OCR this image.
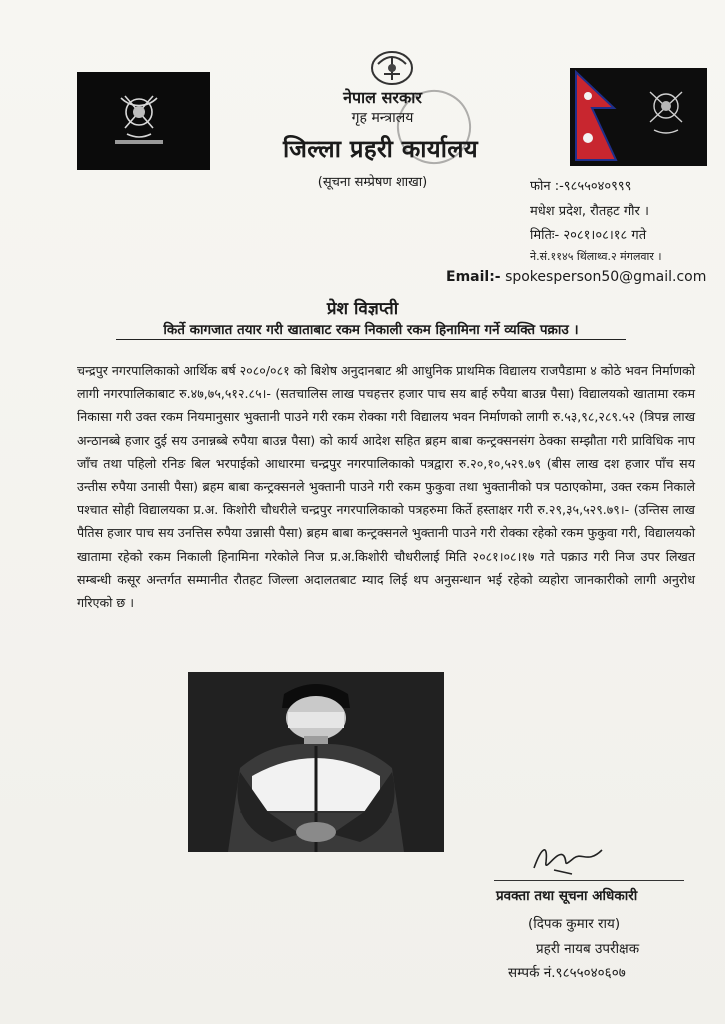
नेपाल सरकार
गृह मन्त्रालय
जिल्ला प्रहरी कार्यालय
(सूचना सम्प्रेषण शाखा)	फोन :-९८५५०४०९९९
मधेश प्रदेश, रौतहट गौर ।
मितिः- २०८१।०८।१८ गते
ने.सं.११४५ थिंलाथ्व.२ मंगलवार ।
Email:- spokesperson50@gmail.com
प्रेश विज्ञप्ती
किर्ते कागजात तयार गरी खाताबाट रकम निकाली रकम हिनामिना गर्ने व्यक्ति पक्राउ ।

चन्द्रपुर नगरपालिकाको आर्थिक बर्ष २०८०/०८१ को बिशेष अनुदानबाट श्री आधुनिक प्राथमिक विद्यालय राजपैडामा ४ कोठे भवन निर्माणको लागी नगरपालिकाबाट रु.४७,७५,५१२.८५।- (सतचालिस लाख पचहत्तर हजार पाच सय बार्ह रुपैया बाउन्न पैसा) विद्यालयको खातामा रकम निकासा गरी उक्त रकम नियमानुसार भुक्तानी पाउने गरी रकम रोक्का गरी विद्यालय भवन निर्माणको लागी रु.५३,९८,२८९.५२ (त्रिपन्न लाख अन्ठानब्बे हजार दुई सय उनान्नब्बे रुपैया बाउन्न पैसा) को कार्य आदेश सहित ब्रहम बाबा कन्ट्रक्सनसंग ठेक्का सम्झौता गरी प्राविधिक नाप जाँच तथा पहिलो रनिङ बिल भरपाईको आधारमा चन्द्रपुर नगरपालिकाको पत्रद्वारा रु.२०,१०,५२९.७९ (बीस लाख दश हजार पाँच सय उन्तीस रुपैया उनासी पैसा) ब्रहम बाबा कन्ट्रक्सनले भुक्तानी पाउने गरी रकम फुकुवा तथा भुक्तानीको पत्र पठाएकोमा, उक्त रकम निकाले पश्चात सोही विद्यालयका प्र.अ. किशोरी चौधरीले चन्द्रपुर नगरपालिकाको पत्रहरुमा किर्ते हस्ताक्षर गरी रु.२९,३५,५२९.७९।- (उन्तिस लाख पैतिस हजार पाच सय उनत्तिस रुपैया उन्नासी पैसा) ब्रहम बाबा कन्ट्रक्सनले भुक्तानी पाउने गरी रोक्का रहेको रकम फुकुवा गरी, विद्यालयको खातामा रहेको रकम निकाली हिनामिना गरेकोले निज प्र.अ.किशोरी चौधरीलाई मिति २०८१।०८।१७ गते पक्राउ गरी निज उपर लिखत सम्बन्धी कसूर अन्तर्गत सम्मानीत रौतहट जिल्ला अदालतबाट म्याद लिई थप अनुसन्धान भई रहेको व्यहोरा जानकारीको लागी अनुरोध गरिएको छ ।

प्रवक्ता तथा सूचना अधिकारी
(दिपक कुमार राय)
प्रहरी नायब उपरीक्षक
सम्पर्क नं.९८५५०४०६०७
